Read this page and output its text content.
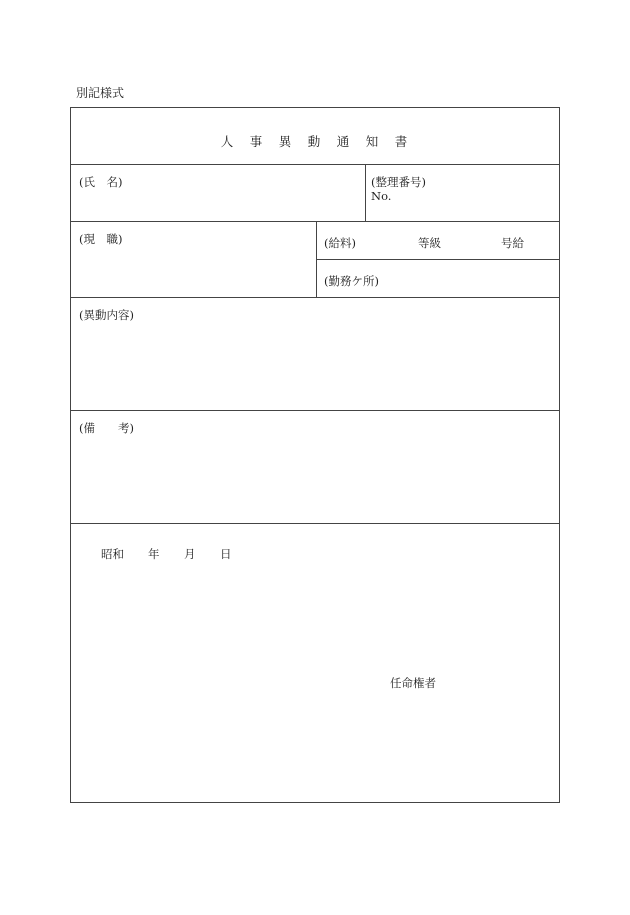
別記様式
人　事　異　動　通　知　書
(氏　名)	(整理番号)
No.
(現　職)	(給料)	等級	号給
(勤務ケ所)
(異動内容)
(備　　考)
昭和 年 月 日
任命権者
